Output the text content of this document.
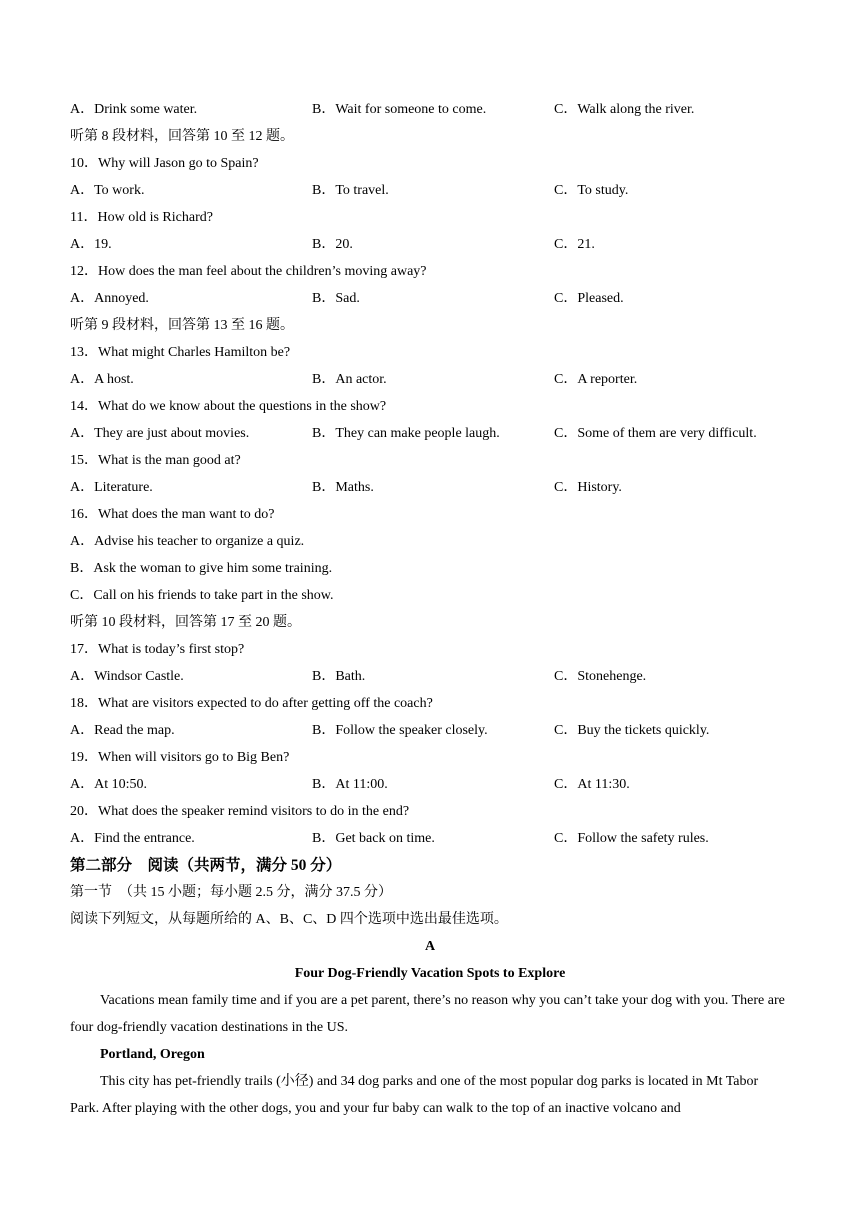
A．Drink some water.	B．Wait for someone to come.	C．Walk along the river.
听第 8 段材料，回答第 10 至 12 题。
10．Why will Jason go to Spain?
A．To work.	B．To travel.	C．To study.
11．How old is Richard?
A．19.	B．20.	C．21.
12．How does the man feel about the children’s moving away?
A．Annoyed.	B．Sad.	C．Pleased.
听第 9 段材料，回答第 13 至 16 题。
13．What might Charles Hamilton be?
A．A host.	B．An actor.	C．A reporter.
14．What do we know about the questions in the show?
A．They are just about movies.	B．They can make people laugh.	C．Some of them are very difficult.
15．What is the man good at?
A．Literature.	B．Maths.	C．History.
16．What does the man want to do?
A．Advise his teacher to organize a quiz.
B．Ask the woman to give him some training.
C．Call on his friends to take part in the show.
听第 10 段材料，回答第 17 至 20 题。
17．What is today’s first stop?
A．Windsor Castle.	B．Bath.	C．Stonehenge.
18．What are visitors expected to do after getting off the coach?
A．Read the map.	B．Follow the speaker closely.	C．Buy the tickets quickly.
19．When will visitors go to Big Ben?
A．At 10:50.	B．At 11:00.	C．At 11:30.
20．What does the speaker remind visitors to do in the end?
A．Find the entrance.	B．Get back on time.	C．Follow the safety rules.
第二部分　阅读（共两节，满分 50 分）
第一节　（共 15 小题；每小题 2.5 分，满分 37.5 分）
阅读下列短文，从每题所给的 A、B、C、D 四个选项中选出最佳选项。
A
Four Dog-Friendly Vacation Spots to Explore
Vacations mean family time and if you are a pet parent, there’s no reason why you can’t take your dog with you. There are four dog-friendly vacation destinations in the US.
Portland, Oregon
This city has pet-friendly trails (小径) and 34 dog parks and one of the most popular dog parks is located in Mt Tabor Park. After playing with the other dogs, you and your fur baby can walk to the top of an inactive volcano and
